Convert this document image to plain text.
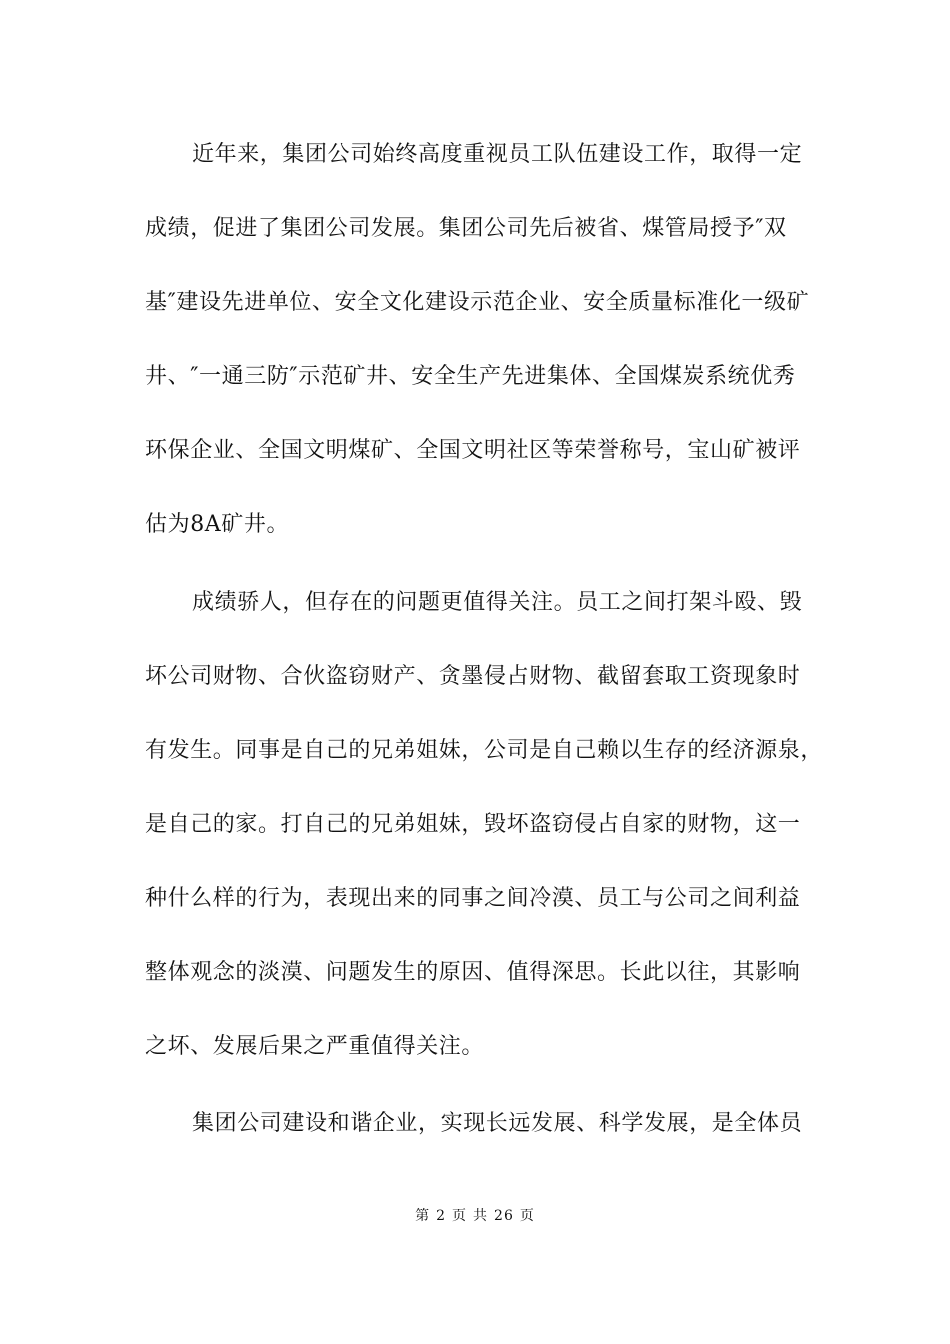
近年来，集团公司始终高度重视员工队伍建设工作，取得一定
成绩，促进了集团公司发展。集团公司先后被省、煤管局授予″双
基″建设先进单位、安全文化建设示范企业、安全质量标准化一级矿
井、″一通三防″示范矿井、安全生产先进集体、全国煤炭系统优秀
环保企业、全国文明煤矿、全国文明社区等荣誉称号，宝山矿被评
估为8A矿井。
成绩骄人，但存在的问题更值得关注。员工之间打架斗殴、毁
坏公司财物、合伙盗窃财产、贪墨侵占财物、截留套取工资现象时
有发生。同事是自己的兄弟姐妹，公司是自己赖以生存的经济源泉，
是自己的家。打自己的兄弟姐妹，毁坏盗窃侵占自家的财物，这一
种什么样的行为，表现出来的同事之间冷漠、员工与公司之间利益
整体观念的淡漠、问题发生的原因、值得深思。长此以往，其影响
之坏、发展后果之严重值得关注。
集团公司建设和谐企业，实现长远发展、科学发展，是全体员
第 2 页 共 26 页
